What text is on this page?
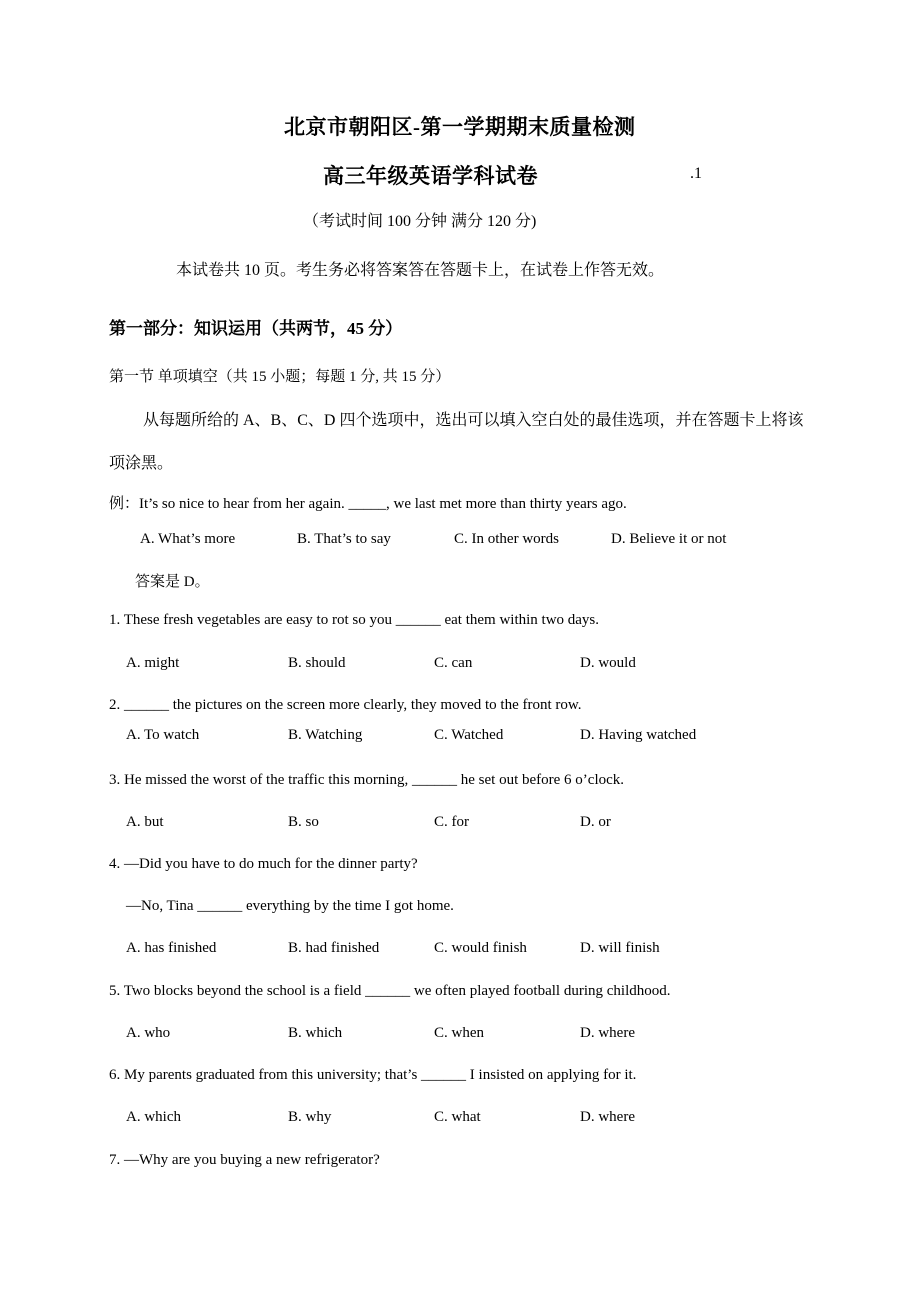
北京市朝阳区-第一学期期末质量检测
高三年级英语学科试卷	.1
（考试时间 100 分钟 满分 120 分)
本试卷共 10 页。考生务必将答案答在答题卡上，在试卷上作答无效。
第一部分：知识运用（共两节，45 分）
第一节 单项填空（共 15 小题；每题 1 分, 共 15 分）
从每题所给的 A、B、C、D 四个选项中，选出可以填入空白处的最佳选项，并在答题卡上将该
项涂黑。
例：It’s so nice to hear from her again. _____, we last met more than thirty years ago.
A. What’s more	B. That’s to say	C. In other words	D. Believe it or not
答案是 D。
1. These fresh vegetables are easy to rot so you ______ eat them within two days.
A. might	B. should	C. can	D. would
2. ______ the pictures on the screen more clearly, they moved to the front row.
A. To watch	B. Watching	C. Watched	D. Having watched
3. He missed the worst of the traffic this morning, ______ he set out before 6 o’clock.
A. but	B. so	C. for	D. or
4. —Did you have to do much for the dinner party?
—No, Tina ______ everything by the time I got home.
A. has finished	B. had finished	C. would finish	D. will finish
5. Two blocks beyond the school is a field ______ we often played football during childhood.
A. who	B. which	C. when	D. where
6. My parents graduated from this university; that’s ______ I insisted on applying for it.
A. which	B. why	C. what	D. where
7. —Why are you buying a new refrigerator?
